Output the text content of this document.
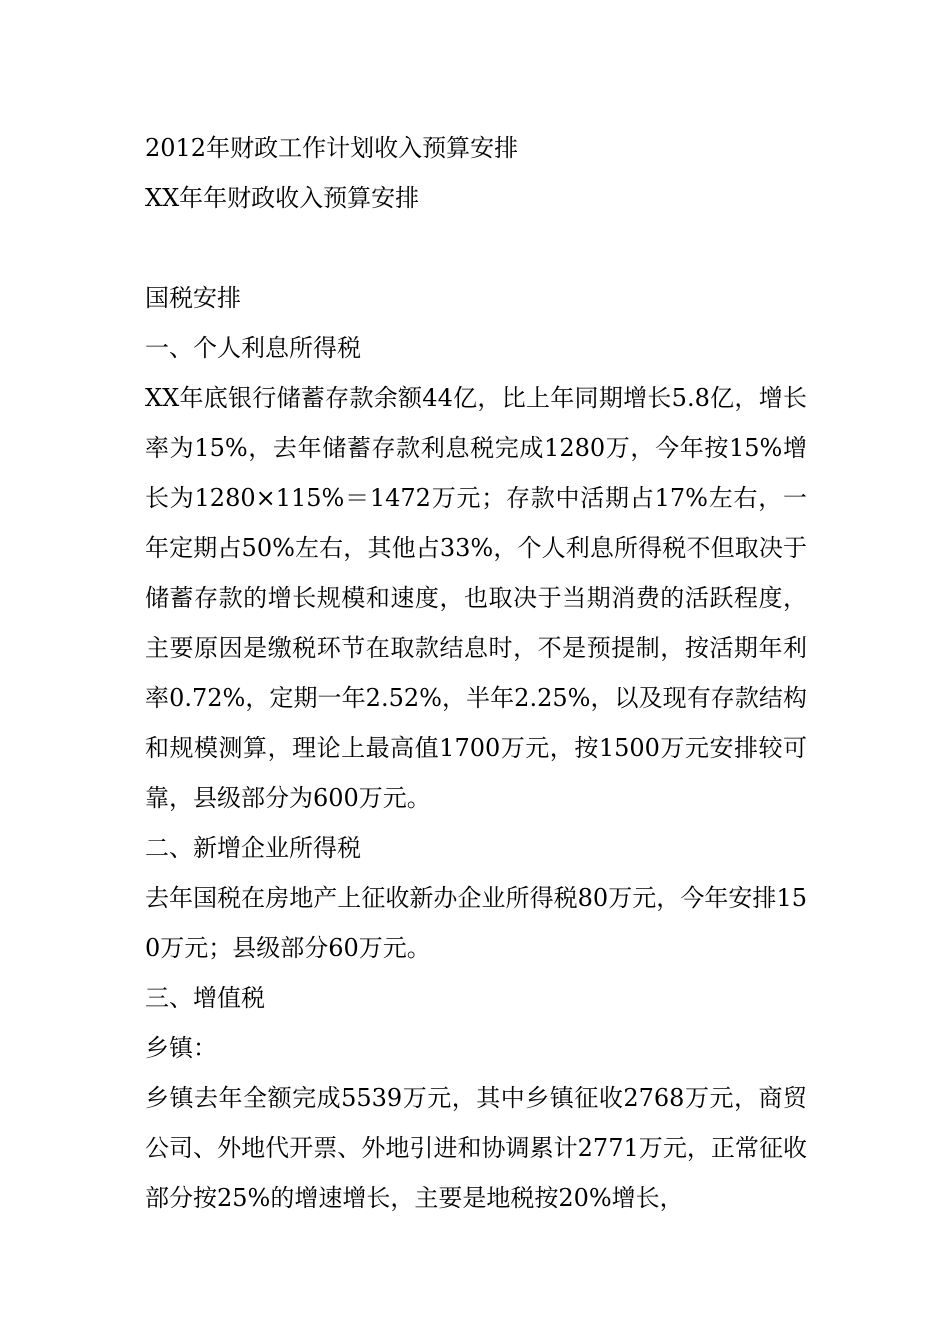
2012年财政工作计划收入预算安排

XX年年财政收入预算安排

国税安排

一、个人利息所得税

XX年底银行储蓄存款余额44亿，比上年同期增长5.8亿，增长率为15%，去年储蓄存款利息税完成1280万，今年按15%增长为1280×115%＝1472万元；存款中活期占17%左右，一年定期占50%左右，其他占33%，个人利息所得税不但取决于储蓄存款的增长规模和速度，也取决于当期消费的活跃程度，主要原因是缴税环节在取款结息时，不是预提制，按活期年利率0.72%，定期一年2.52%，半年2.25%，以及现有存款结构和规模测算，理论上最高值1700万元，按1500万元安排较可靠，县级部分为600万元。

二、新增企业所得税

去年国税在房地产上征收新办企业所得税80万元，今年安排150万元；县级部分60万元。

三、增值税

乡镇：

乡镇去年全额完成5539万元，其中乡镇征收2768万元，商贸公司、外地代开票、外地引进和协调累计2771万元，正常征收部分按25%的增速增长，主要是地税按20%增长，
